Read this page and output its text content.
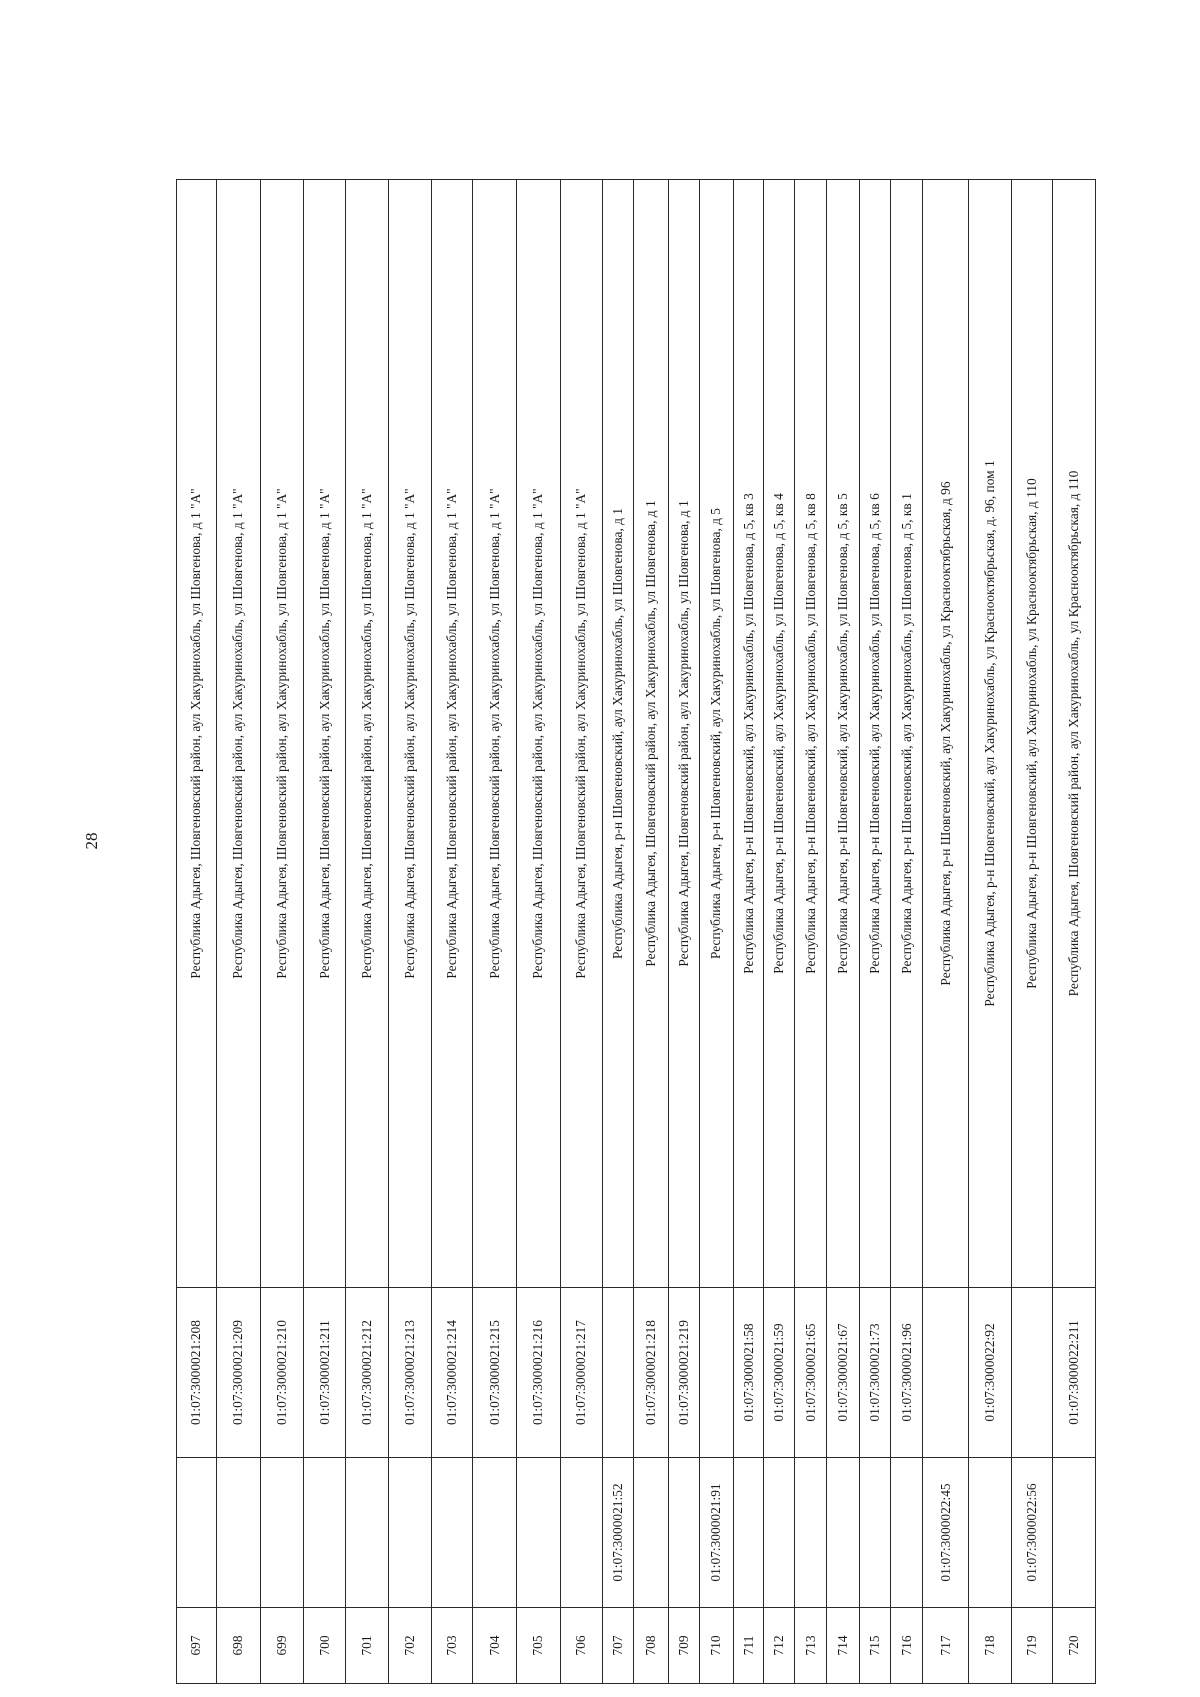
28
697		01:07:3000021:208	Республика Адыгея, Шовгеновский район, аул Хакуринохабль, ул Шовгенова, д 1 "А"
698		01:07:3000021:209	Республика Адыгея, Шовгеновский район, аул Хакуринохабль, ул Шовгенова, д 1 "А"
699		01:07:3000021:210	Республика Адыгея, Шовгеновский район, аул Хакуринохабль, ул Шовгенова, д 1 "А"
700		01:07:3000021:211	Республика Адыгея, Шовгеновский район, аул Хакуринохабль, ул Шовгенова, д 1 "А"
701		01:07:3000021:212	Республика Адыгея, Шовгеновский район, аул Хакуринохабль, ул Шовгенова, д 1 "А"
702		01:07:3000021:213	Республика Адыгея, Шовгеновский район, аул Хакуринохабль, ул Шовгенова, д 1 "А"
703		01:07:3000021:214	Республика Адыгея, Шовгеновский район, аул Хакуринохабль, ул Шовгенова, д 1 "А"
704		01:07:3000021:215	Республика Адыгея, Шовгеновский район, аул Хакуринохабль, ул Шовгенова, д 1 "А"
705		01:07:3000021:216	Республика Адыгея, Шовгеновский район, аул Хакуринохабль, ул Шовгенова, д 1 "А"
706		01:07:3000021:217	Республика Адыгея, Шовгеновский район, аул Хакуринохабль, ул Шовгенова, д 1 "А"
707	01:07:3000021:52		Республика Адыгея, р-н Шовгеновский, аул Хакуринохабль, ул Шовгенова, д 1
708		01:07:3000021:218	Республика Адыгея, Шовгеновский район, аул Хакуринохабль, ул Шовгенова, д 1
709		01:07:3000021:219	Республика Адыгея, Шовгеновский район, аул Хакуринохабль, ул Шовгенова, д 1
710	01:07:3000021:91		Республика Адыгея, р-н Шовгеновский, аул Хакуринохабль, ул Шовгенова, д 5
711		01:07:3000021:58	Республика Адыгея, р-н Шовгеновский, аул Хакуринохабль, ул Шовгенова, д 5, кв 3
712		01:07:3000021:59	Республика Адыгея, р-н Шовгеновский, аул Хакуринохабль, ул Шовгенова, д 5, кв 4
713		01:07:3000021:65	Республика Адыгея, р-н Шовгеновский, аул Хакуринохабль, ул Шовгенова, д 5, кв 8
714		01:07:3000021:67	Республика Адыгея, р-н Шовгеновский, аул Хакуринохабль, ул Шовгенова, д 5, кв 5
715		01:07:3000021:73	Республика Адыгея, р-н Шовгеновский, аул Хакуринохабль, ул Шовгенова, д 5, кв 6
716		01:07:3000021:96	Республика Адыгея, р-н Шовгеновский, аул Хакуринохабль, ул Шовгенова, д 5, кв 1
717	01:07:3000022:45		Республика Адыгея, р-н Шовгеновский, аул Хакуринохабль, ул Краснооктябрьская, д 96
718		01:07:3000022:92	Республика Адыгея, р-н Шовгеновский, аул Хакуринохабль, ул Краснооктябрьская, д. 96, пом 1
719	01:07:3000022:56		Республика Адыгея, р-н Шовгеновский, аул Хакуринохабль, ул Краснооктябрьская, д 110
720		01:07:3000022:211	Республика Адыгея, Шовгеновский район, аул Хакуринохабль, ул Краснооктябрьская, д 110
